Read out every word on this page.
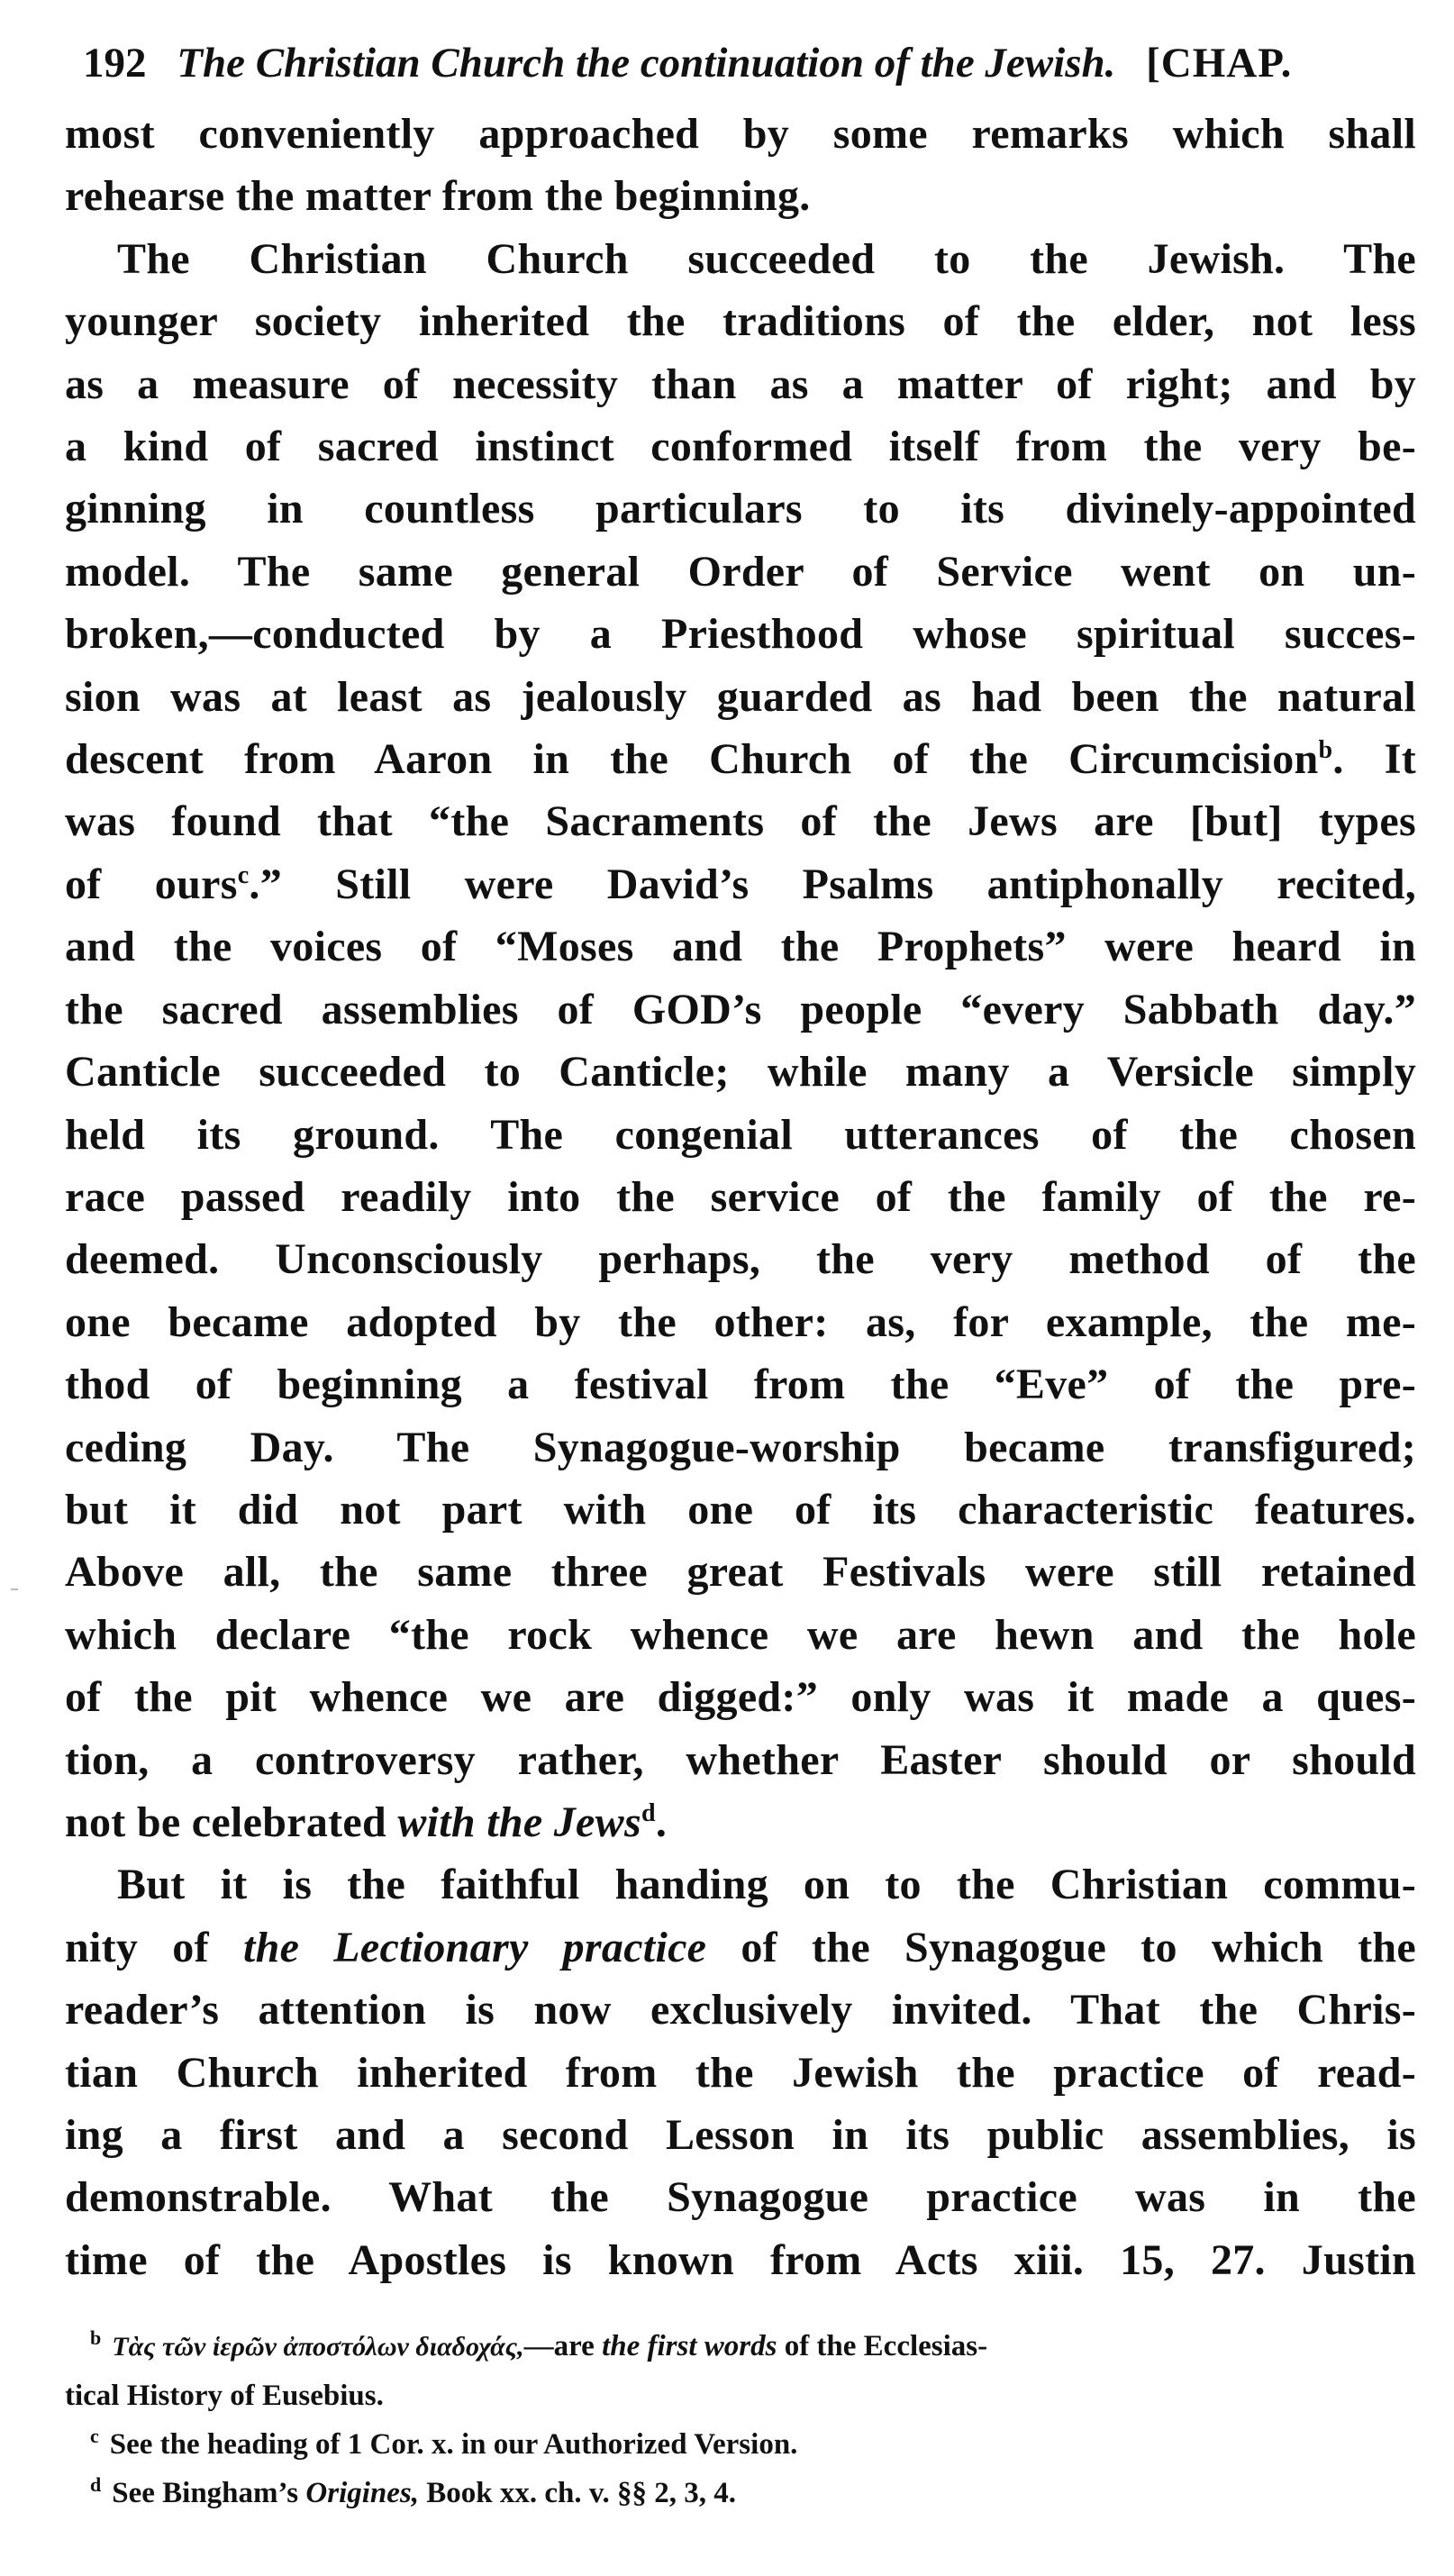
192 The Christian Church the continuation of the Jewish. [CHAP.
most conveniently approached by some remarks which shall
rehearse the matter from the beginning.
The Christian Church succeeded to the Jewish. The
younger society inherited the traditions of the elder, not less
as a measure of necessity than as a matter of right; and by
a kind of sacred instinct conformed itself from the very be-
ginning in countless particulars to its divinely-appointed
model. The same general Order of Service went on un-
broken,—conducted by a Priesthood whose spiritual succes-
sion was at least as jealously guarded as had been the natural
descent from Aaron in the Church of the Circumcision$^b$. It
was found that “the Sacraments of the Jews are [but] types
of ours$^c$.” Still were David’s Psalms antiphonally recited,
and the voices of “Moses and the Prophets” were heard in
the sacred assemblies of GOD’s people “every Sabbath day.”
Canticle succeeded to Canticle; while many a Versicle simply
held its ground. The congenial utterances of the chosen
race passed readily into the service of the family of the re-
deemed. Unconsciously perhaps, the very method of the
one became adopted by the other: as, for example, the me-
thod of beginning a festival from the “Eve” of the pre-
ceding Day. The Synagogue-worship became transfigured;
but it did not part with one of its characteristic features.
Above all, the same three great Festivals were still retained
which declare “the rock whence we are hewn and the hole
of the pit whence we are digged:” only was it made a ques-
tion, a controversy rather, whether Easter should or should
not be celebrated with the Jews$^d$.
But it is the faithful handing on to the Christian commu-
nity of the Lectionary practice of the Synagogue to which the
reader’s attention is now exclusively invited. That the Chris-
tian Church inherited from the Jewish the practice of read-
ing a first and a second Lesson in its public assemblies, is
demonstrable. What the Synagogue practice was in the
time of the Apostles is known from Acts xiii. 15, 27. Justin
$^b$ Τὰς τῶν ἱερῶν ἀποστόλων διαδοχάς,—are the first words of the Ecclesias-
tical History of Eusebius.
$^c$ See the heading of 1 Cor. x. in our Authorized Version.
$^d$ See Bingham’s Origines, Book xx. ch. v. §§ 2, 3, 4.
